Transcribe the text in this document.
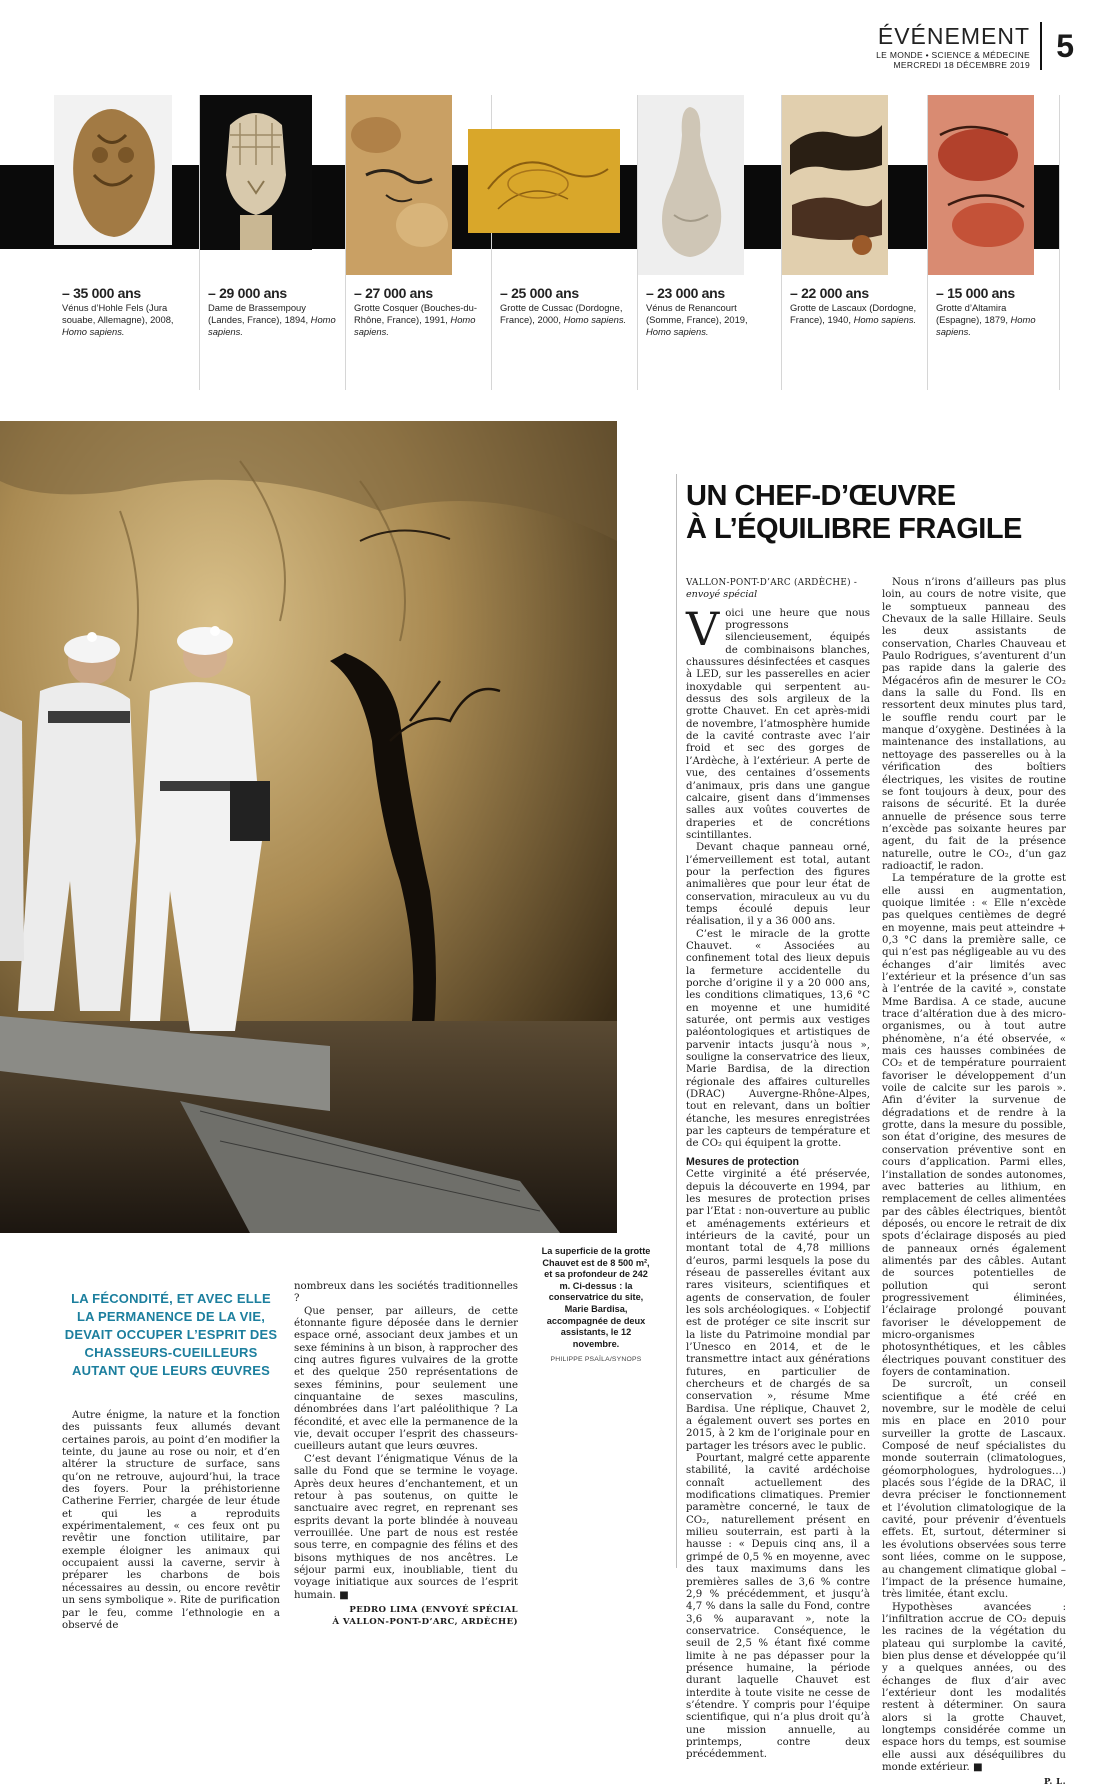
ÉVÉNEMENT
LE MONDE • SCIENCE & MÉDECINE
MERCREDI 18 DÉCEMBRE 2019
5
– 35 000 ans
Vénus d’Hohle Fels (Jura souabe, Allemagne), 2008, Homo sapiens.
– 29 000 ans
Dame de Brassempouy (Landes, France), 1894, Homo sapiens.
– 27 000 ans
Grotte Cosquer (Bouches-du-Rhône, France), 1991, Homo sapiens.
– 25 000 ans
Grotte de Cussac (Dordogne, France), 2000, Homo sapiens.
– 23 000 ans
Vénus de Renancourt (Somme, France), 2019, Homo sapiens.
– 22 000 ans
Grotte de Lascaux (Dordogne, France), 1940, Homo sapiens.
– 15 000 ans
Grotte d’Altamira (Espagne), 1879, Homo sapiens.
UN CHEF-D’ŒUVRE
À L’ÉQUILIBRE FRAGILE
VALLON-PONT-D’ARC (ARDÈCHE) -
envoyé spécial

Voici une heure que nous progressons silencieusement, équipés de combinaisons blanches, chaussures désinfectées et casques à LED, sur les passerelles en acier inoxydable qui serpentent au-dessus des sols argileux de la grotte Chauvet. En cet après-midi de novembre, l’atmosphère humide de la cavité contraste avec l’air froid et sec des gorges de l’Ardèche, à l’extérieur. A perte de vue, des centaines d’ossements d’animaux, pris dans une gangue calcaire, gisent dans d’immenses salles aux voûtes couvertes de draperies et de concrétions scintillantes.

Devant chaque panneau orné, l’émerveillement est total, autant pour la perfection des figures animalières que pour leur état de conservation, miraculeux au vu du temps écoulé depuis leur réalisation, il y a 36 000 ans.

C’est le miracle de la grotte Chauvet. « Associées au confinement total des lieux depuis la fermeture accidentelle du porche d’origine il y a 20 000 ans, les conditions climatiques, 13,6 °C en moyenne et une humidité saturée, ont permis aux vestiges paléontologiques et artistiques de parvenir intacts jusqu’à nous », souligne la conservatrice des lieux, Marie Bardisa, de la direction régionale des affaires culturelles (DRAC) Auvergne-Rhône-Alpes, tout en relevant, dans un boîtier étanche, les mesures enregistrées par les capteurs de température et de CO₂ qui équipent la grotte.

Mesures de protection

Cette virginité a été préservée, depuis la découverte en 1994, par les mesures de protection prises par l’Etat : non-ouverture au public et aménagements extérieurs et intérieurs de la cavité, pour un montant total de 4,78 millions d’euros, parmi lesquels la pose du réseau de passerelles évitant aux rares visiteurs, scientifiques et agents de conservation, de fouler les sols archéologiques. « L’objectif est de protéger ce site inscrit sur la liste du Patrimoine mondial par l’Unesco en 2014, et de le transmettre intact aux générations futures, en particulier de chercheurs et de chargés de sa conservation », résume Mme Bardisa. Une réplique, Chauvet 2, a également ouvert ses portes en 2015, à 2 km de l’originale pour en partager les trésors avec le public.

Pourtant, malgré cette apparente stabilité, la cavité ardéchoise connaît actuellement des modifications climatiques. Premier paramètre concerné, le taux de CO₂, naturellement présent en milieu souterrain, est parti à la hausse : « Depuis cinq ans, il a grimpé de 0,5 % en moyenne, avec des taux maximums dans les premières salles de 3,6 % contre 2,9 % précédemment, et jusqu’à 4,7 % dans la salle du Fond, contre 3,6 % auparavant », note la conservatrice. Conséquence, le seuil de 2,5 % étant fixé comme limite à ne pas dépasser pour la présence humaine, la période durant laquelle Chauvet est interdite à toute visite ne cesse de s’étendre. Y compris pour l’équipe scientifique, qui n’a plus droit qu’à une mission annuelle, au printemps, contre deux précédemment.

Nous n’irons d’ailleurs pas plus loin, au cours de notre visite, que le somptueux panneau des Chevaux de la salle Hillaire. Seuls les deux assistants de conservation, Charles Chauveau et Paulo Rodrigues, s’aventurent d’un pas rapide dans la galerie des Mégacéros afin de mesurer le CO₂ dans la salle du Fond. Ils en ressortent deux minutes plus tard, le souffle rendu court par le manque d’oxygène. Destinées à la maintenance des installations, au nettoyage des passerelles ou à la vérification des boîtiers électriques, les visites de routine se font toujours à deux, pour des raisons de sécurité. Et la durée annuelle de présence sous terre n’excède pas soixante heures par agent, du fait de la présence naturelle, outre le CO₂, d’un gaz radioactif, le radon.

La température de la grotte est elle aussi en augmentation, quoique limitée : « Elle n’excède pas quelques centièmes de degré en moyenne, mais peut atteindre + 0,3 °C dans la première salle, ce qui n’est pas négligeable au vu des échanges d’air limités avec l’extérieur et la présence d’un sas à l’entrée de la cavité », constate Mme Bardisa. A ce stade, aucune trace d’altération due à des micro-organismes, ou à tout autre phénomène, n’a été observée, « mais ces hausses combinées de CO₂ et de température pourraient favoriser le développement d’un voile de calcite sur les parois ». Afin d’éviter la survenue de dégradations et de rendre à la grotte, dans la mesure du possible, son état d’origine, des mesures de conservation préventive sont en cours d’application. Parmi elles, l’installation de sondes autonomes, avec batteries au lithium, en remplacement de celles alimentées par des câbles électriques, bientôt déposés, ou encore le retrait de dix spots d’éclairage disposés au pied de panneaux ornés également alimentés par des câbles. Autant de sources potentielles de pollution qui seront progressivement éliminées, l’éclairage prolongé pouvant favoriser le développement de micro-organismes photosynthétiques, et les câbles électriques pouvant constituer des foyers de contamination.

De surcroît, un conseil scientifique a été créé en novembre, sur le modèle de celui mis en place en 2010 pour surveiller la grotte de Lascaux. Composé de neuf spécialistes du monde souterrain (climatologues, géomorphologues, hydrologues…) placés sous l’égide de la DRAC, il devra préciser le fonctionnement et l’évolution climatologique de la cavité, pour prévenir d’éventuels effets. Et, surtout, déterminer si les évolutions observées sous terre sont liées, comme on le suppose, au changement climatique global – l’impact de la présence humaine, très limitée, étant exclu.

Hypothèses avancées : l’infiltration accrue de CO₂ depuis les racines de la végétation du plateau qui surplombe la cavité, bien plus dense et développée qu’il y a quelques années, ou des échanges de flux d’air avec l’extérieur dont les modalités restent à déterminer. On saura alors si la grotte Chauvet, longtemps considérée comme un espace hors du temps, est soumise elle aussi aux déséquilibres du monde extérieur. ■

P. L.
LA FÉCONDITÉ, ET AVEC ELLE LA PERMANENCE DE LA VIE, DEVAIT OCCUPER L’ESPRIT DES CHASSEURS-CUEILLEURS AUTANT QUE LEURS ŒUVRES

Autre énigme, la nature et la fonction des puissants feux allumés devant certaines parois, au point d’en modifier la teinte, du jaune au rose ou noir, et d’en altérer la structure de surface, sans qu’on ne retrouve, aujourd’hui, la trace des foyers. Pour la préhistorienne Catherine Ferrier, chargée de leur étude et qui les a reproduits expérimentalement, « ces feux ont pu revêtir une fonction utilitaire, par exemple éloigner les animaux qui occupaient aussi la caverne, servir à préparer les charbons de bois nécessaires au dessin, ou encore revêtir un sens symbolique ». Rite de purification par le feu, comme l’ethnologie en a observé de

nombreux dans les sociétés traditionnelles ?

Que penser, par ailleurs, de cette étonnante figure déposée dans le dernier espace orné, associant deux jambes et un sexe féminins à un bison, à rapprocher des cinq autres figures vulvaires de la grotte et des quelque 250 représentations de sexes féminins, pour seulement une cinquantaine de sexes masculins, dénombrées dans l’art paléolithique ? La fécondité, et avec elle la permanence de la vie, devait occuper l’esprit des chasseurs-cueilleurs autant que leurs œuvres.

C’est devant l’énigmatique Vénus de la salle du Fond que se termine le voyage. Après deux heures d’enchantement, et un retour à pas soutenus, on quitte le sanctuaire avec regret, en reprenant ses esprits devant la porte blindée à nouveau verrouillée. Une part de nous est restée sous terre, en compagnie des félins et des bisons mythiques de nos ancêtres. Le séjour parmi eux, inoubliable, tient du voyage initiatique aux sources de l’esprit humain. ■

PEDRO LIMA (ENVOYÉ SPÉCIAL
À VALLON-PONT-D’ARC, ARDÈCHE)
La superficie de la grotte Chauvet est de 8 500 m², et sa profondeur de 242 m. Ci-dessus : la conservatrice du site, Marie Bardisa, accompagnée de deux assistants, le 12 novembre.
PHILIPPE PSAÏLA/SYNOPS
